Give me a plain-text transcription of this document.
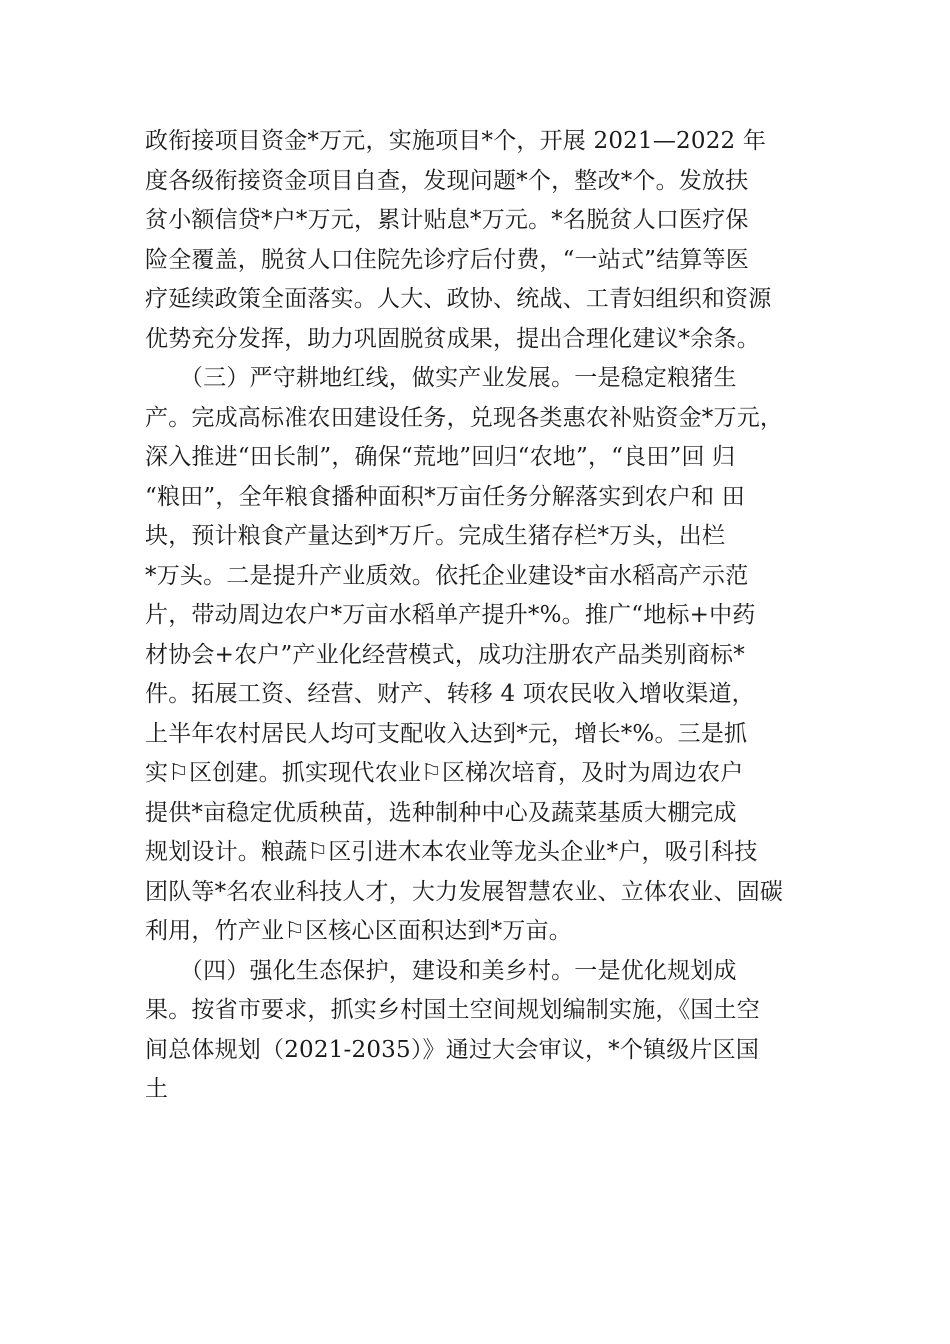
政衔接项目资金*万元，实施项目*个，开展 2021—2022 年
度各级衔接资金项目自查，发现问题*个，整改*个。发放扶
贫小额信贷*户*万元，累计贴息*万元。*名脱贫人口医疗保
险全覆盖，脱贫人口住院先诊疗后付费，“一站式”结算等医
疗延续政策全面落实。人大、政协、统战、工青妇组织和资源
优势充分发挥，助力巩固脱贫成果，提出合理化建议*余条。
　　（三）严守耕地红线，做实产业发展。一是稳定粮猪生
产。完成高标准农田建设任务，兑现各类惠农补贴资金*万元，
深入推进“田长制”，确保“荒地”回归“农地”，“良田”回 归
“粮田”，全年粮食播种面积*万亩任务分解落实到农户和 田
块，预计粮食产量达到*万斤。完成生猪存栏*万头，出栏
*万头。二是提升产业质效。依托企业建设*亩水稻高产示范
片，带动周边农户*万亩水稻单产提升*%。推广“地标+中药
材协会+农户”产业化经营模式，成功注册农产品类别商标*
件。拓展工资、经营、财产、转移 4 项农民收入增收渠道，
上半年农村居民人均可支配收入达到*元，增长*%。三是抓
实⚐区创建。抓实现代农业⚐区梯次培育，及时为周边农户
提供*亩稳定优质秧苗，选种制种中心及蔬菜基质大棚完成
规划设计。粮蔬⚐区引进木本农业等龙头企业*户，吸引科技
团队等*名农业科技人才，大力发展智慧农业、立体农业、固碳
利用，竹产业⚐区核心区面积达到*万亩。
　　（四）强化生态保护，建设和美乡村。一是优化规划成
果。按省市要求，抓实乡村国土空间规划编制实施，《国土空
间总体规划（2021-2035）》通过大会审议，*个镇级片区国
土
